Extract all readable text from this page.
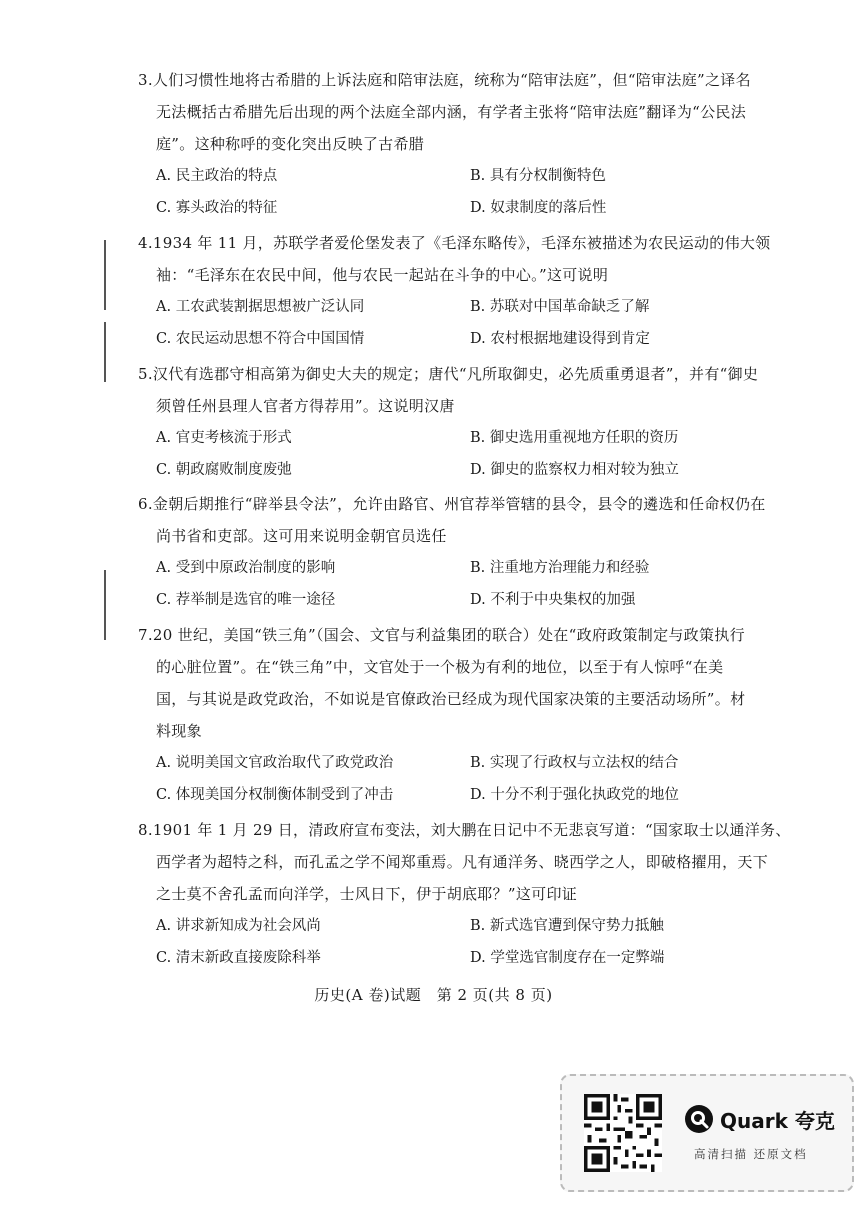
3.人们习惯性地将古希腊的上诉法庭和陪审法庭，统称为“陪审法庭”，但“陪审法庭”之译名
无法概括古希腊先后出现的两个法庭全部内涵，有学者主张将“陪审法庭”翻译为“公民法
庭”。这种称呼的变化突出反映了古希腊
A. 民主政治的特点	B. 具有分权制衡特色
C. 寡头政治的特征	D. 奴隶制度的落后性
4.1934 年 11 月，苏联学者爱伦堡发表了《毛泽东略传》，毛泽东被描述为农民运动的伟大领
袖：“毛泽东在农民中间，他与农民一起站在斗争的中心。”这可说明
A. 工农武装割据思想被广泛认同	B. 苏联对中国革命缺乏了解
C. 农民运动思想不符合中国国情	D. 农村根据地建设得到肯定
5.汉代有选郡守相高第为御史大夫的规定；唐代“凡所取御史，必先质重勇退者”，并有“御史
须曾任州县理人官者方得荐用”。这说明汉唐
A. 官吏考核流于形式	B. 御史选用重视地方任职的资历
C. 朝政腐败制度废弛	D. 御史的监察权力相对较为独立
6.金朝后期推行“辟举县令法”，允许由路官、州官荐举管辖的县令，县令的遴选和任命权仍在
尚书省和吏部。这可用来说明金朝官员选任
A. 受到中原政治制度的影响	B. 注重地方治理能力和经验
C. 荐举制是选官的唯一途径	D. 不利于中央集权的加强
7.20 世纪，美国“铁三角”（国会、文官与利益集团的联合）处在“政府政策制定与政策执行
的心脏位置”。在“铁三角”中，文官处于一个极为有利的地位，以至于有人惊呼“在美
国，与其说是政党政治，不如说是官僚政治已经成为现代国家决策的主要活动场所”。材
料现象
A. 说明美国文官政治取代了政党政治	B. 实现了行政权与立法权的结合
C. 体现美国分权制衡体制受到了冲击	D. 十分不利于强化执政党的地位
8.1901 年 1 月 29 日，清政府宣布变法，刘大鹏在日记中不无悲哀写道：“国家取士以通洋务、
西学者为超特之科，而孔孟之学不闻郑重焉。凡有通洋务、晓西学之人，即破格擢用，天下
之士莫不舍孔孟而向洋学，士风日下，伊于胡底耶？”这可印证
A. 讲求新知成为社会风尚	B. 新式选官遭到保守势力抵触
C. 清末新政直接废除科举	D. 学堂选官制度存在一定弊端
历史(A 卷)试题　第 2 页(共 8 页)
Quark 夸克
高清扫描 还原文档
